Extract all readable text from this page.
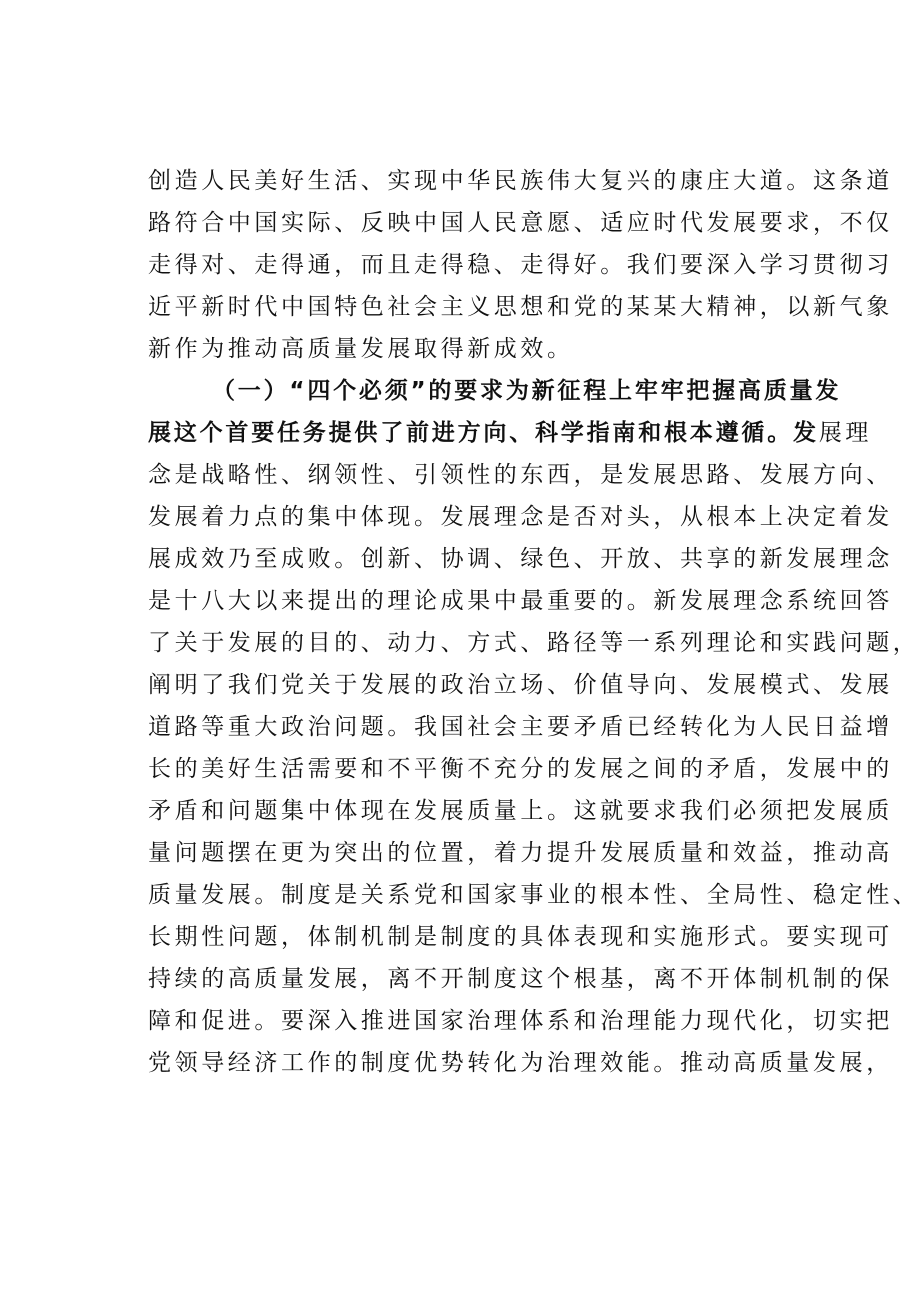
创造人民美好生活、实现中华民族伟大复兴的康庄大道。这条道
路符合中国实际、反映中国人民意愿、适应时代发展要求，不仅
走得对、走得通，而且走得稳、走得好。我们要深入学习贯彻习
近平新时代中国特色社会主义思想和党的某某大精神，以新气象
新作为推动高质量发展取得新成效。
（一）“四个必须”的要求为新征程上牢牢把握高质量发
展这个首要任务提供了前进方向、科学指南和根本遵循。发展理
念是战略性、纲领性、引领性的东西，是发展思路、发展方向、
发展着力点的集中体现。发展理念是否对头，从根本上决定着发
展成效乃至成败。创新、协调、绿色、开放、共享的新发展理念
是十八大以来提出的理论成果中最重要的。新发展理念系统回答
了关于发展的目的、动力、方式、路径等一系列理论和实践问题，
阐明了我们党关于发展的政治立场、价值导向、发展模式、发展
道路等重大政治问题。我国社会主要矛盾已经转化为人民日益增
长的美好生活需要和不平衡不充分的发展之间的矛盾，发展中的
矛盾和问题集中体现在发展质量上。这就要求我们必须把发展质
量问题摆在更为突出的位置，着力提升发展质量和效益，推动高
质量发展。制度是关系党和国家事业的根本性、全局性、稳定性、
长期性问题，体制机制是制度的具体表现和实施形式。要实现可
持续的高质量发展，离不开制度这个根基，离不开体制机制的保
障和促进。要深入推进国家治理体系和治理能力现代化，切实把
党领导经济工作的制度优势转化为治理效能。推动高质量发展，
